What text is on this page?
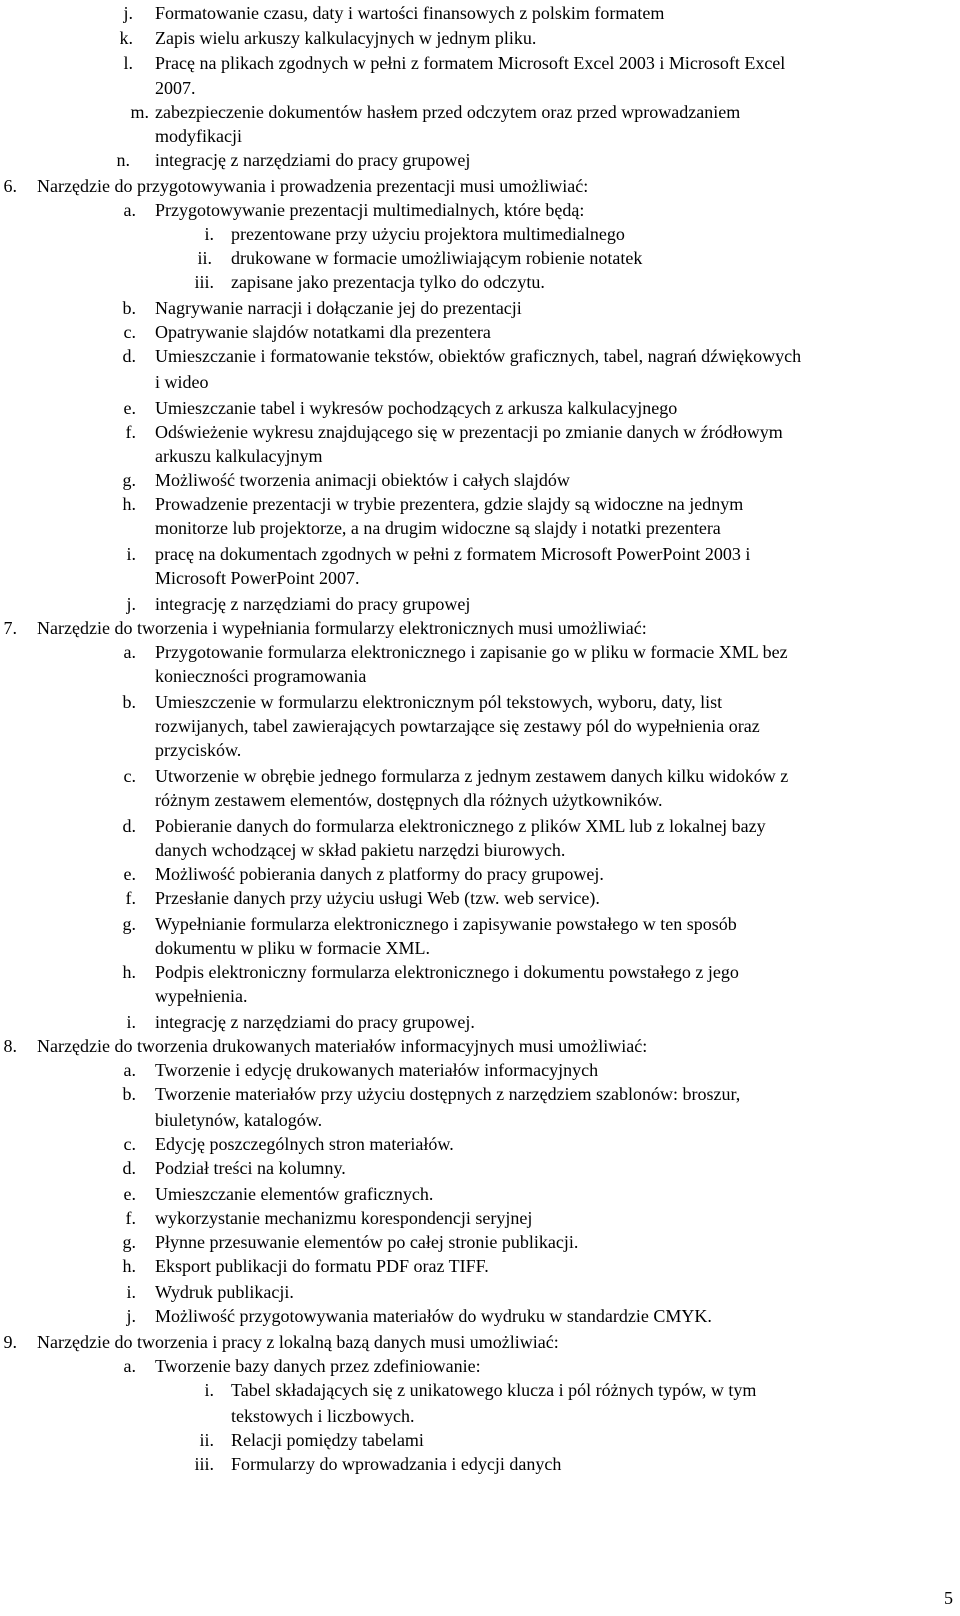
j. Formatowanie czasu, daty i wartości finansowych z polskim formatem
k. Zapis wielu arkuszy kalkulacyjnych w jednym pliku.
l. Pracę na plikach zgodnych w pełni z formatem Microsoft Excel 2003 i Microsoft Excel
2007.
m. zabezpieczenie dokumentów hasłem przed odczytem oraz przed wprowadzaniem
modyfikacji
n. integrację z narzędziami do pracy grupowej
6. Narzędzie do przygotowywania i prowadzenia prezentacji musi umożliwiać:
a. Przygotowywanie prezentacji multimedialnych, które będą:
i. prezentowane przy użyciu projektora multimedialnego
ii. drukowane w formacie umożliwiającym robienie notatek
iii. zapisane jako prezentacja tylko do odczytu.
b. Nagrywanie narracji i dołączanie jej do prezentacji
c. Opatrywanie slajdów notatkami dla prezentera
d. Umieszczanie i formatowanie tekstów, obiektów graficznych, tabel, nagrań dźwiękowych
i wideo
e. Umieszczanie tabel i wykresów pochodzących z arkusza kalkulacyjnego
f. Odświeżenie wykresu znajdującego się w prezentacji po zmianie danych w źródłowym
arkuszu kalkulacyjnym
g. Możliwość tworzenia animacji obiektów i całych slajdów
h. Prowadzenie prezentacji w trybie prezentera, gdzie slajdy są widoczne na jednym
monitorze lub projektorze, a na drugim widoczne są slajdy i notatki prezentera
i. pracę na dokumentach zgodnych w pełni z formatem Microsoft PowerPoint 2003 i
Microsoft PowerPoint 2007.
j. integrację z narzędziami do pracy grupowej
7. Narzędzie do tworzenia i wypełniania formularzy elektronicznych musi umożliwiać:
a. Przygotowanie formularza elektronicznego i zapisanie go w pliku w formacie XML bez
konieczności programowania
b. Umieszczenie w formularzu elektronicznym pól tekstowych, wyboru, daty, list
rozwijanych, tabel zawierających powtarzające się zestawy pól do wypełnienia oraz
przycisków.
c. Utworzenie w obrębie jednego formularza z jednym zestawem danych kilku widoków z
różnym zestawem elementów, dostępnych dla różnych użytkowników.
d. Pobieranie danych do formularza elektronicznego z plików XML lub z lokalnej bazy
danych wchodzącej w skład pakietu narzędzi biurowych.
e. Możliwość pobierania danych z platformy do pracy grupowej.
f. Przesłanie danych przy użyciu usługi Web (tzw. web service).
g. Wypełnianie formularza elektronicznego i zapisywanie powstałego w ten sposób
dokumentu w pliku w formacie XML.
h. Podpis elektroniczny formularza elektronicznego i dokumentu powstałego z jego
wypełnienia.
i. integrację z narzędziami do pracy grupowej.
8. Narzędzie do tworzenia drukowanych materiałów informacyjnych musi umożliwiać:
a. Tworzenie i edycję drukowanych materiałów informacyjnych
b. Tworzenie materiałów przy użyciu dostępnych z narzędziem szablonów: broszur,
biuletynów, katalogów.
c. Edycję poszczególnych stron materiałów.
d. Podział treści na kolumny.
e. Umieszczanie elementów graficznych.
f. wykorzystanie mechanizmu korespondencji seryjnej
g. Płynne przesuwanie elementów po całej stronie publikacji.
h. Eksport publikacji do formatu PDF oraz TIFF.
i. Wydruk publikacji.
j. Możliwość przygotowywania materiałów do wydruku w standardzie CMYK.
9. Narzędzie do tworzenia i pracy z lokalną bazą danych musi umożliwiać:
a. Tworzenie bazy danych przez zdefiniowanie:
i. Tabel składających się z unikatowego klucza i pól różnych typów, w tym
tekstowych i liczbowych.
ii. Relacji pomiędzy tabelami
iii. Formularzy do wprowadzania i edycji danych
5
